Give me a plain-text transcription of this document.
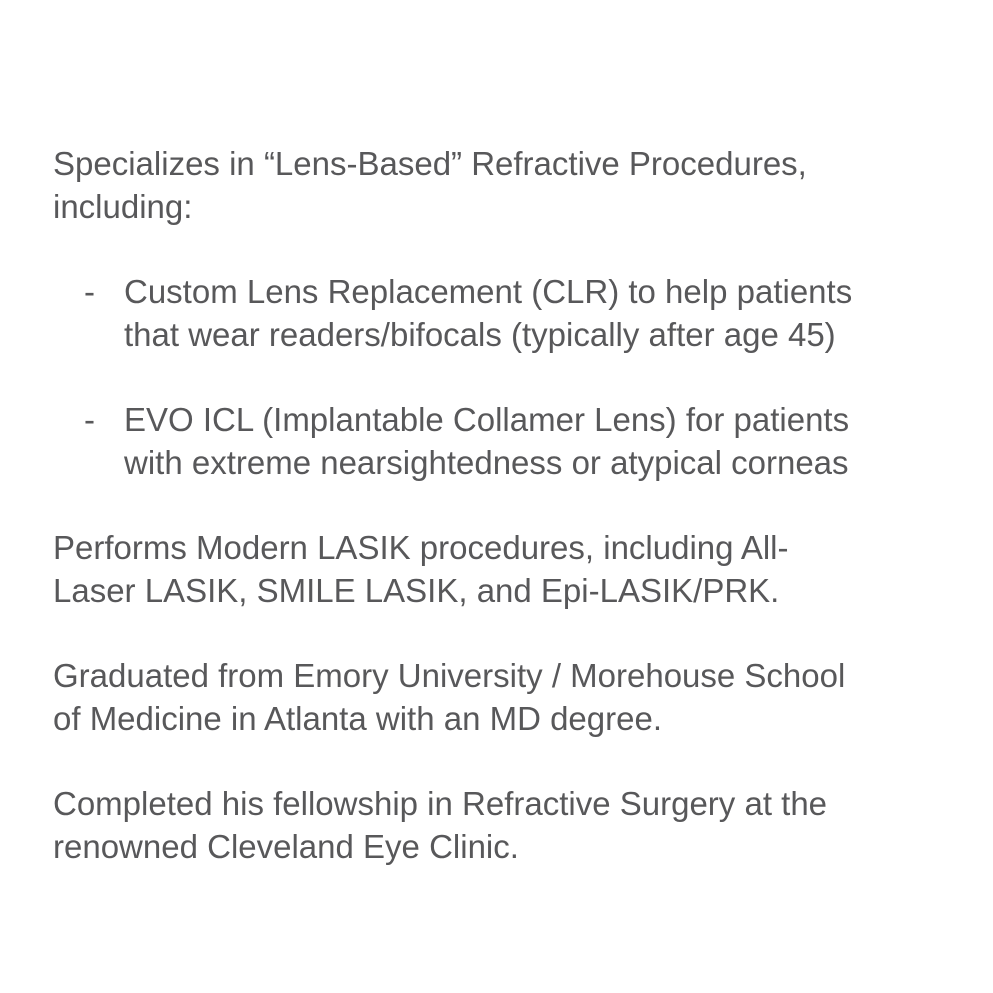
Specializes in “Lens-Based” Refractive Procedures,
including:

- Custom Lens Replacement (CLR) to help patients
that wear readers/bifocals (typically after age 45)
- EVO ICL (Implantable Collamer Lens) for patients
with extreme nearsightedness or atypical corneas

Performs Modern LASIK procedures, including All-
Laser LASIK, SMILE LASIK, and Epi-LASIK/PRK.

Graduated from Emory University / Morehouse School
of Medicine in Atlanta with an MD degree.

Completed his fellowship in Refractive Surgery at the
renowned Cleveland Eye Clinic.
